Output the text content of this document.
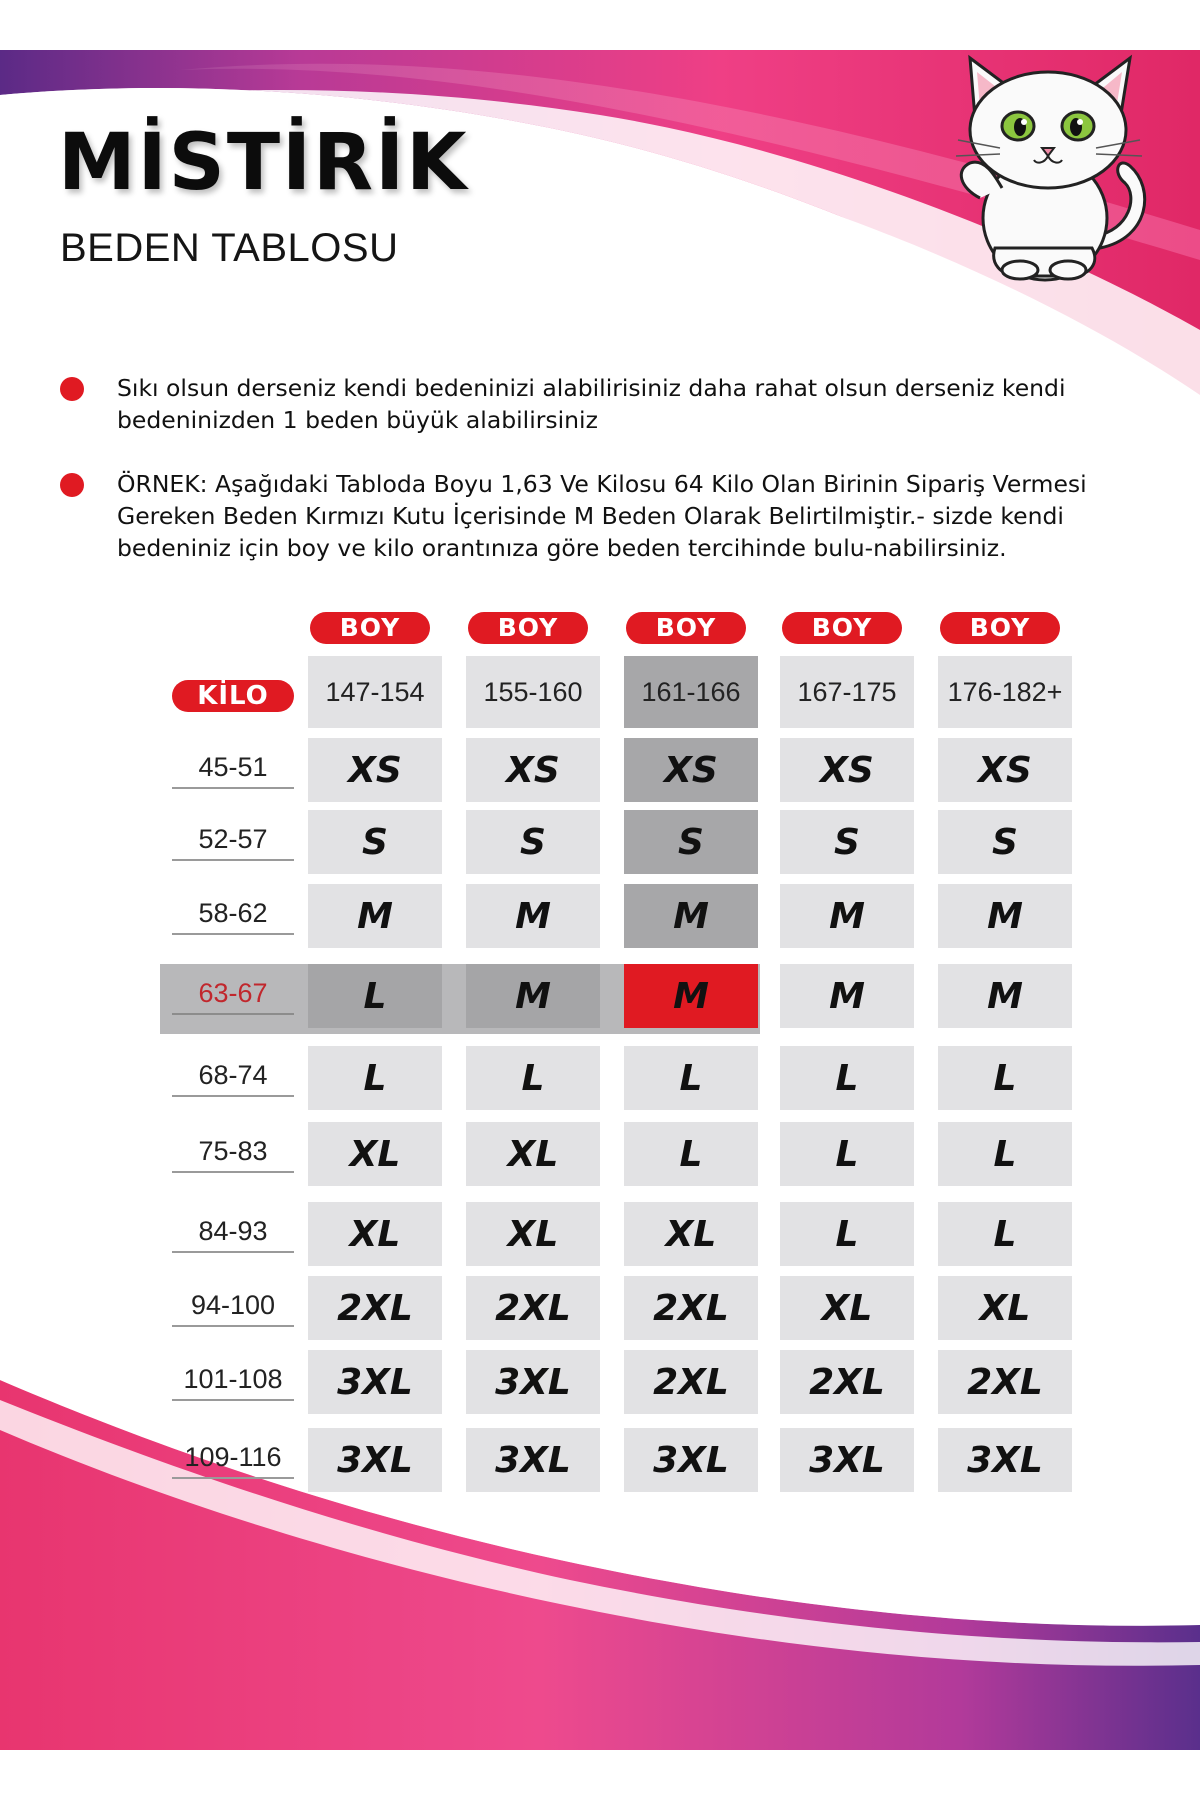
MİSTİRİK
BEDEN TABLOSU
Sıkı olsun derseniz kendi bedeninizi alabilirisiniz daha rahat olsun derseniz kendi bedeninizden 1 beden büyük alabilirsiniz
ÖRNEK: Aşağıdaki Tabloda Boyu 1,63 Ve Kilosu 64 Kilo Olan Birinin Sipariş Vermesi Gereken Beden Kırmızı Kutu İçerisinde M Beden Olarak Belirtilmiştir.- sizde kendi bedeniniz için boy ve kilo orantınıza göre beden tercihinde bulu-nabilirsiniz.
BOY	BOY	BOY	BOY	BOY
KİLO	147-154	155-160	161-166	167-175	176-182+
45-51	XS	XS	XS	XS	XS
52-57	S	S	S	S	S
58-62	M	M	M	M	M
63-67	L	M	M	M	M
68-74	L	L	L	L	L
75-83	XL	XL	L	L	L
84-93	XL	XL	XL	L	L
94-100	2XL	2XL	2XL	XL	XL
101-108	3XL	3XL	2XL	2XL	2XL
109-116	3XL	3XL	3XL	3XL	3XL
